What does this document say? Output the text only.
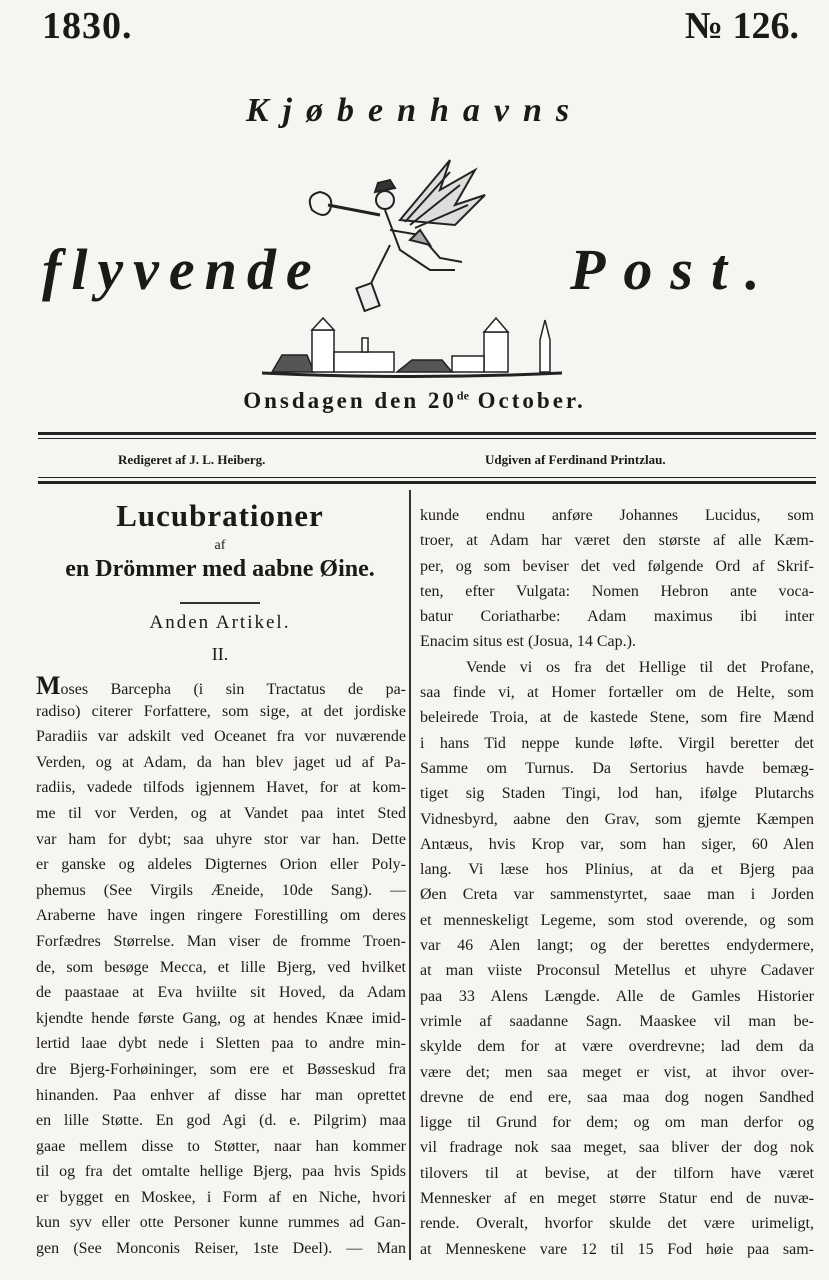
1830.	№ 126.
Kjøbenhavns
flyvende	Post.
Onsdagen den 20de October.
Redigeret af J. L. Heiberg.	Udgiven af Ferdinand Printzlau.
Lucubrationer
af
en Drömmer med aabne Øine.
Anden Artikel.
II.
Moses Barcepha (i sin Tractatus de pa-
radiso) citerer Forfattere, som sige, at det jordiske
Paradiis var adskilt ved Oceanet fra vor nuværende
Verden, og at Adam, da han blev jaget ud af Pa-
radiis, vadede tilfods igjennem Havet, for at kom-
me til vor Verden, og at Vandet paa intet Sted
var ham for dybt; saa uhyre stor var han. Dette
er ganske og aldeles Digternes Orion eller Poly-
phemus (See Virgils Æneide, 10de Sang). —
Araberne have ingen ringere Forestilling om deres
Forfædres Størrelse. Man viser de fromme Troen-
de, som besøge Mecca, et lille Bjerg, ved hvilket
de paastaae at Eva hviilte sit Hoved, da Adam
kjendte hende første Gang, og at hendes Knæe imid-
lertid laae dybt nede i Sletten paa to andre min-
dre Bjerg-Forhøininger, som ere et Bøsseskud fra
hinanden. Paa enhver af disse har man oprettet
en lille Støtte. En god Agi (d. e. Pilgrim) maa
gaae mellem disse to Støtter, naar han kommer
til og fra det omtalte hellige Bjerg, paa hvis Spids
er bygget en Moskee, i Form af en Niche, hvori
kun syv eller otte Personer kunne rummes ad Gan-
gen (See Monconis Reiser, 1ste Deel). — Man
kunde endnu anføre Johannes Lucidus, som
troer, at Adam har været den største af alle Kæm-
per, og som beviser det ved følgende Ord af Skrif-
ten, efter Vulgata: Nomen Hebron ante voca-
batur Coriatharbe: Adam maximus ibi inter
Enacim situs est (Josua, 14 Cap.).
Vende vi os fra det Hellige til det Profane,
saa finde vi, at Homer fortæller om de Helte, som
beleirede Troia, at de kastede Stene, som fire Mænd
i hans Tid neppe kunde løfte. Virgil beretter det
Samme om Turnus. Da Sertorius havde bemæg-
tiget sig Staden Tingi, lod han, ifølge Plutarchs
Vidnesbyrd, aabne den Grav, som gjemte Kæmpen
Antæus, hvis Krop var, som han siger, 60 Alen
lang. Vi læse hos Plinius, at da et Bjerg paa
Øen Creta var sammenstyrtet, saae man i Jorden
et menneskeligt Legeme, som stod overende, og som
var 46 Alen langt; og der berettes endydermere,
at man viiste Proconsul Metellus et uhyre Cadaver
paa 33 Alens Længde. Alle de Gamles Historier
vrimle af saadanne Sagn. Maaskee vil man be-
skylde dem for at være overdrevne; lad dem da
være det; men saa meget er vist, at ihvor over-
drevne de end ere, saa maa dog nogen Sandhed
ligge til Grund for dem; og om man derfor og
vil fradrage nok saa meget, saa bliver der dog nok
tilovers til at bevise, at der tilforn have været
Mennesker af en meget større Statur end de nuvæ-
rende. Overalt, hvorfor skulde det være urimeligt,
at Menneskene vare 12 til 15 Fod høie paa sam-
